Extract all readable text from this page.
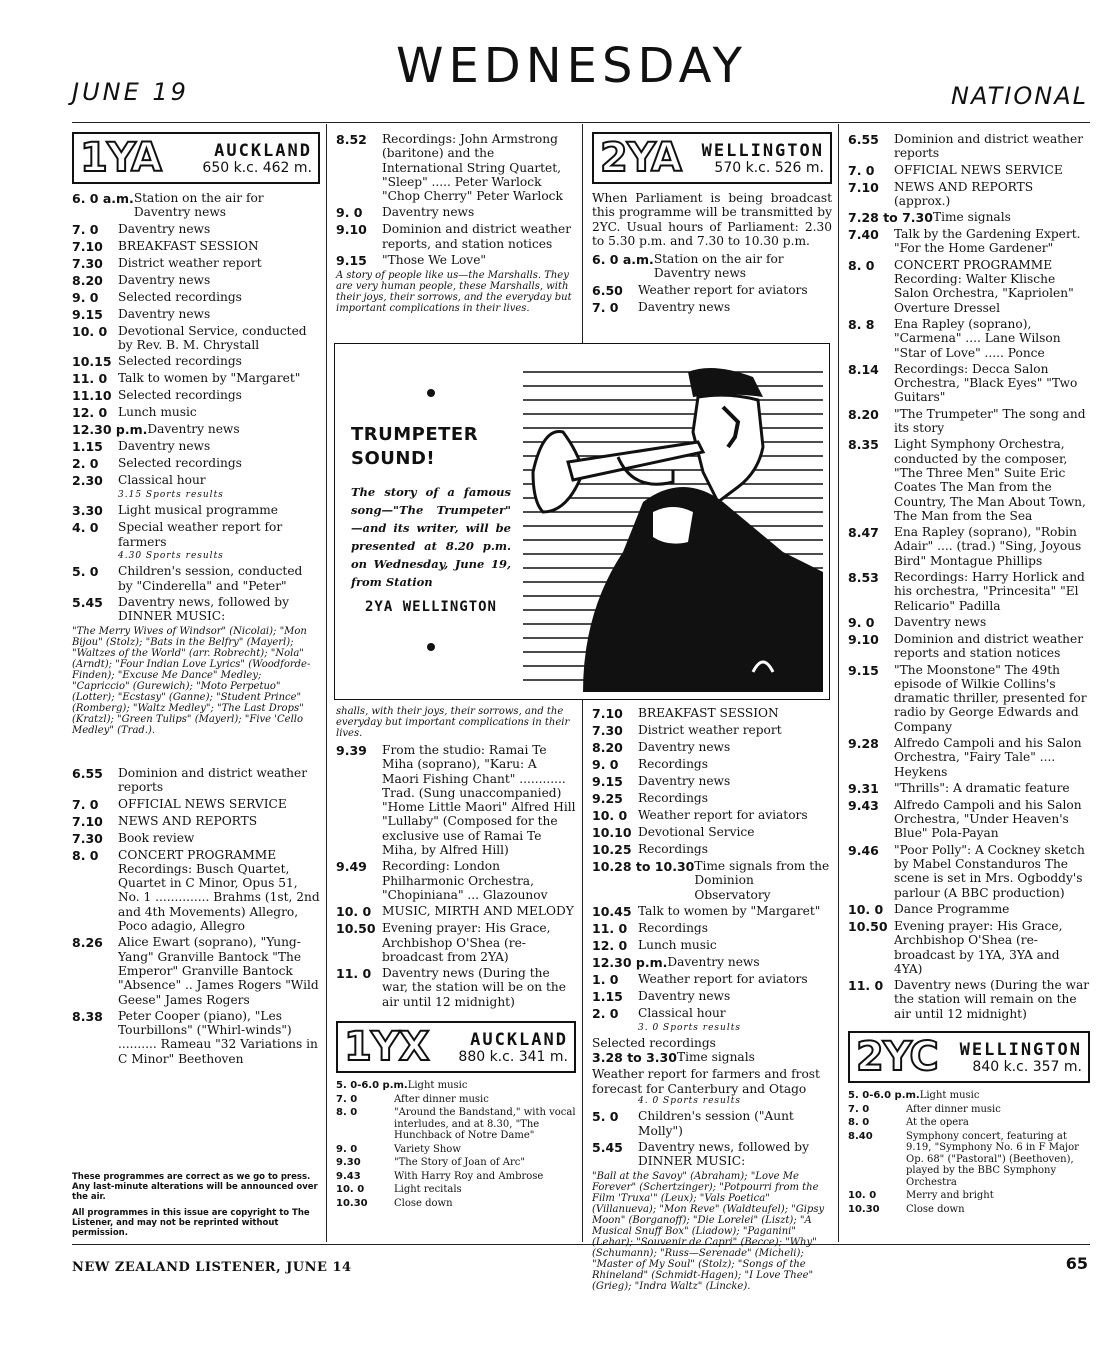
JUNE 19	WEDNESDAY
NATIONAL
1YA	AUCKLAND
650 k.c. 462 m.
6. 0 a.m. Station on the air for Daventry news
7. 0	Daventry news
7.10	BREAKFAST SESSION
7.30	District weather report
8.20	Daventry news
9. 0	Selected recordings
9.15	Daventry news
10. 0 Devotional Service, conducted by Rev. B. M. Chrystall
10.15 Selected recordings
11. 0 Talk to women by "Margaret"
11.10 Selected recordings
12. 0 Lunch music
12.30 p.m. Daventry news
1.15	Daventry news
2. 0	Selected recordings
2.30	Classical hour
3.15 Sports results
3.30	Light musical programme
4. 0	Special weather report for farmers
4.30 Sports results
5. 0	Children's session, conducted by "Cinderella" and "Peter"
5.45	Daventry news, followed by DINNER MUSIC:
"The Merry Wives of Windsor" (Nicolai); "Mon Bijou" (Stolz); "Bats in the Belfry" (Mayerl); "Waltzes of the World" (arr. Robrecht); "Nola" (Arndt); "Four Indian Love Lyrics" (Woodforde-Finden); "Excuse Me Dance" Medley; "Capriccio" (Gurewich); "Moto Perpetuo" (Lotter); "Ecstasy" (Ganne); "Student Prince" (Romberg); "Waltz Medley"; "The Last Drops" (Kratzl); "Green Tulips" (Mayerl); "Five 'Cello Medley" (Trad.).
8.52	Recordings: John Armstrong (baritone) and the International String Quartet, "Sleep" ..... Peter Warlock "Chop Cherry" Peter Warlock
9. 0	Daventry news
9.10	Dominion and district weather reports, and station notices
9.15	"Those We Love"
A story of people like us—the Marshalls. They are very human people, these Marshalls, with their joys, their sorrows, and the everyday but important complications in their lives.
TRUMPETER
SOUND!
The story of a famous song—"The Trumpeter" —and its writer, will be presented at 8.20 p.m. on Wednesday, June 19, from Station
2YA WELLINGTON
shalls, with their joys, their sorrows, and the everyday but important complications in their lives.
9.39	From the studio: Ramai Te Miha (soprano), "Karu: A Maori Fishing Chant" ............ Trad. (Sung unaccompanied) "Home Little Maori" Alfred Hill "Lullaby" (Composed for the exclusive use of Ramai Te Miha, by Alfred Hill)
9.49	Recording: London Philharmonic Orchestra, "Chopiniana" ... Glazounov
10. 0 MUSIC, MIRTH AND MELODY
10.50 Evening prayer: His Grace, Archbishop O'Shea (re-broadcast from 2YA)
11. 0 Daventry news (During the war, the station will be on the air until 12 midnight)
1YX	AUCKLAND
880 k.c. 341 m.
5. 0-6.0 p.m. Light music
7. 0	After dinner music
8. 0	"Around the Bandstand," with vocal interludes, and at 8.30, "The Hunchback of Notre Dame"
9. 0	Variety Show
9.30	"The Story of Joan of Arc"
9.43	With Harry Roy and Ambrose
10. 0	Light recitals
10.30	Close down
6.55	Dominion and district weather reports
7. 0	OFFICIAL NEWS SERVICE
7.10	NEWS AND REPORTS
7.30	Book review
8. 0	CONCERT PROGRAMME Recordings: Busch Quartet, Quartet in C Minor, Opus 51, No. 1 .............. Brahms (1st, 2nd and 4th Movements) Allegro, Poco adagio, Allegro
8.26	Alice Ewart (soprano), "Yung-Yang" Granville Bantock "The Emperor" Granville Bantock "Absence" .. James Rogers "Wild Geese" James Rogers
8.38	Peter Cooper (piano), "Les Tourbillons" ("Whirl-winds") .......... Rameau "32 Variations in C Minor" Beethoven
These programmes are correct as we go to press. Any last-minute alterations will be announced over the air.
All programmes in this issue are copyright to The Listener, and may not be reprinted without permission.
2YA WELLINGTON
570 k.c. 526 m.
When Parliament is being broadcast this programme will be transmitted by 2YC. Usual hours of Parliament: 2.30 to 5.30 p.m. and 7.30 to 10.30 p.m.
6. 0 a.m. Station on the air for Daventry news
6.50	Weather report for aviators
7. 0	Daventry news
7.10	BREAKFAST SESSION
7.30	District weather report
8.20	Daventry news
9. 0	Recordings
9.15	Daventry news
9.25	Recordings
10. 0 Weather report for aviators
10.10 Devotional Service
10.25 Recordings
10.28 to 10.30 Time signals from the Dominion Observatory
10.45 Talk to women by "Margaret"
11. 0 Recordings
12. 0 Lunch music
12.30 p.m. Daventry news
1. 0	Weather report for aviators
1.15	Daventry news
2. 0	Classical hour
3. 0 Sports results
Selected recordings
3.28 to 3.30 Time signals
Weather report for farmers and frost forecast for Canterbury and Otago
4. 0 Sports results
5. 0	Children's session ("Aunt Molly")
5.45	Daventry news, followed by DINNER MUSIC:
"Ball at the Savoy" (Abraham); "Love Me Forever" (Schertzinger); "Potpourri from the Film 'Truxa'" (Leux); "Vals Poetica" (Villanueva); "Mon Reve" (Waldteufel); "Gipsy Moon" (Borganoff); "Die Lorelei" (Liszt); "A Musical Snuff Box" (Liadow); "Paganini" (Lehar); "Souvenir de Capri" (Becce); "Why" (Schumann); "Russ—Serenade" (Micheli); "Master of My Soul" (Stolz); "Songs of the Rhineland" (Schmidt-Hagen); "I Love Thee" (Grieg); "Indra Waltz" (Lincke).
6.55	Dominion and district weather reports
7. 0	OFFICIAL NEWS SERVICE
7.10	NEWS AND REPORTS (approx.)
7.28 to 7.30 Time signals
7.40	Talk by the Gardening Expert. "For the Home Gardener"
8. 0	CONCERT PROGRAMME Recording: Walter Klische Salon Orchestra, "Kapriolen" Overture Dressel
8. 8	Ena Rapley (soprano), "Carmena" .... Lane Wilson "Star of Love" ..... Ponce
8.14	Recordings: Decca Salon Orchestra, "Black Eyes" "Two Guitars"
8.20	"The Trumpeter" The song and its story
8.35	Light Symphony Orchestra, conducted by the composer, "The Three Men" Suite Eric Coates The Man from the Country, The Man About Town, The Man from the Sea
8.47	Ena Rapley (soprano), "Robin Adair" .... (trad.) "Sing, Joyous Bird" Montague Phillips
8.53	Recordings: Harry Horlick and his orchestra, "Princesita" "El Relicario" Padilla
9. 0	Daventry news
9.10	Dominion and district weather reports and station notices
9.15	"The Moonstone" The 49th episode of Wilkie Collins's dramatic thriller, presented for radio by George Edwards and Company
9.28	Alfredo Campoli and his Salon Orchestra, "Fairy Tale" .... Heykens
9.31	"Thrills": A dramatic feature
9.43	Alfredo Campoli and his Salon Orchestra, "Under Heaven's Blue" Pola-Payan
9.46	"Poor Polly": A Cockney sketch by Mabel Constanduros The scene is set in Mrs. Ogboddy's parlour (A BBC production)
10. 0 Dance Programme
10.50 Evening prayer: His Grace, Archbishop O'Shea (re-broadcast by 1YA, 3YA and 4YA)
11. 0 Daventry news (During the war the station will remain on the air until 12 midnight)
2YC WELLINGTON
840 k.c. 357 m.
5. 0-6.0 p.m. Light music
7. 0	After dinner music
8. 0	At the opera
8.40	Symphony concert, featuring at 9.19, "Symphony No. 6 in F Major Op. 68" ("Pastoral") (Beethoven), played by the BBC Symphony Orchestra
10. 0	Merry and bright
10.30	Close down
NEW ZEALAND LISTENER, JUNE 14	65
